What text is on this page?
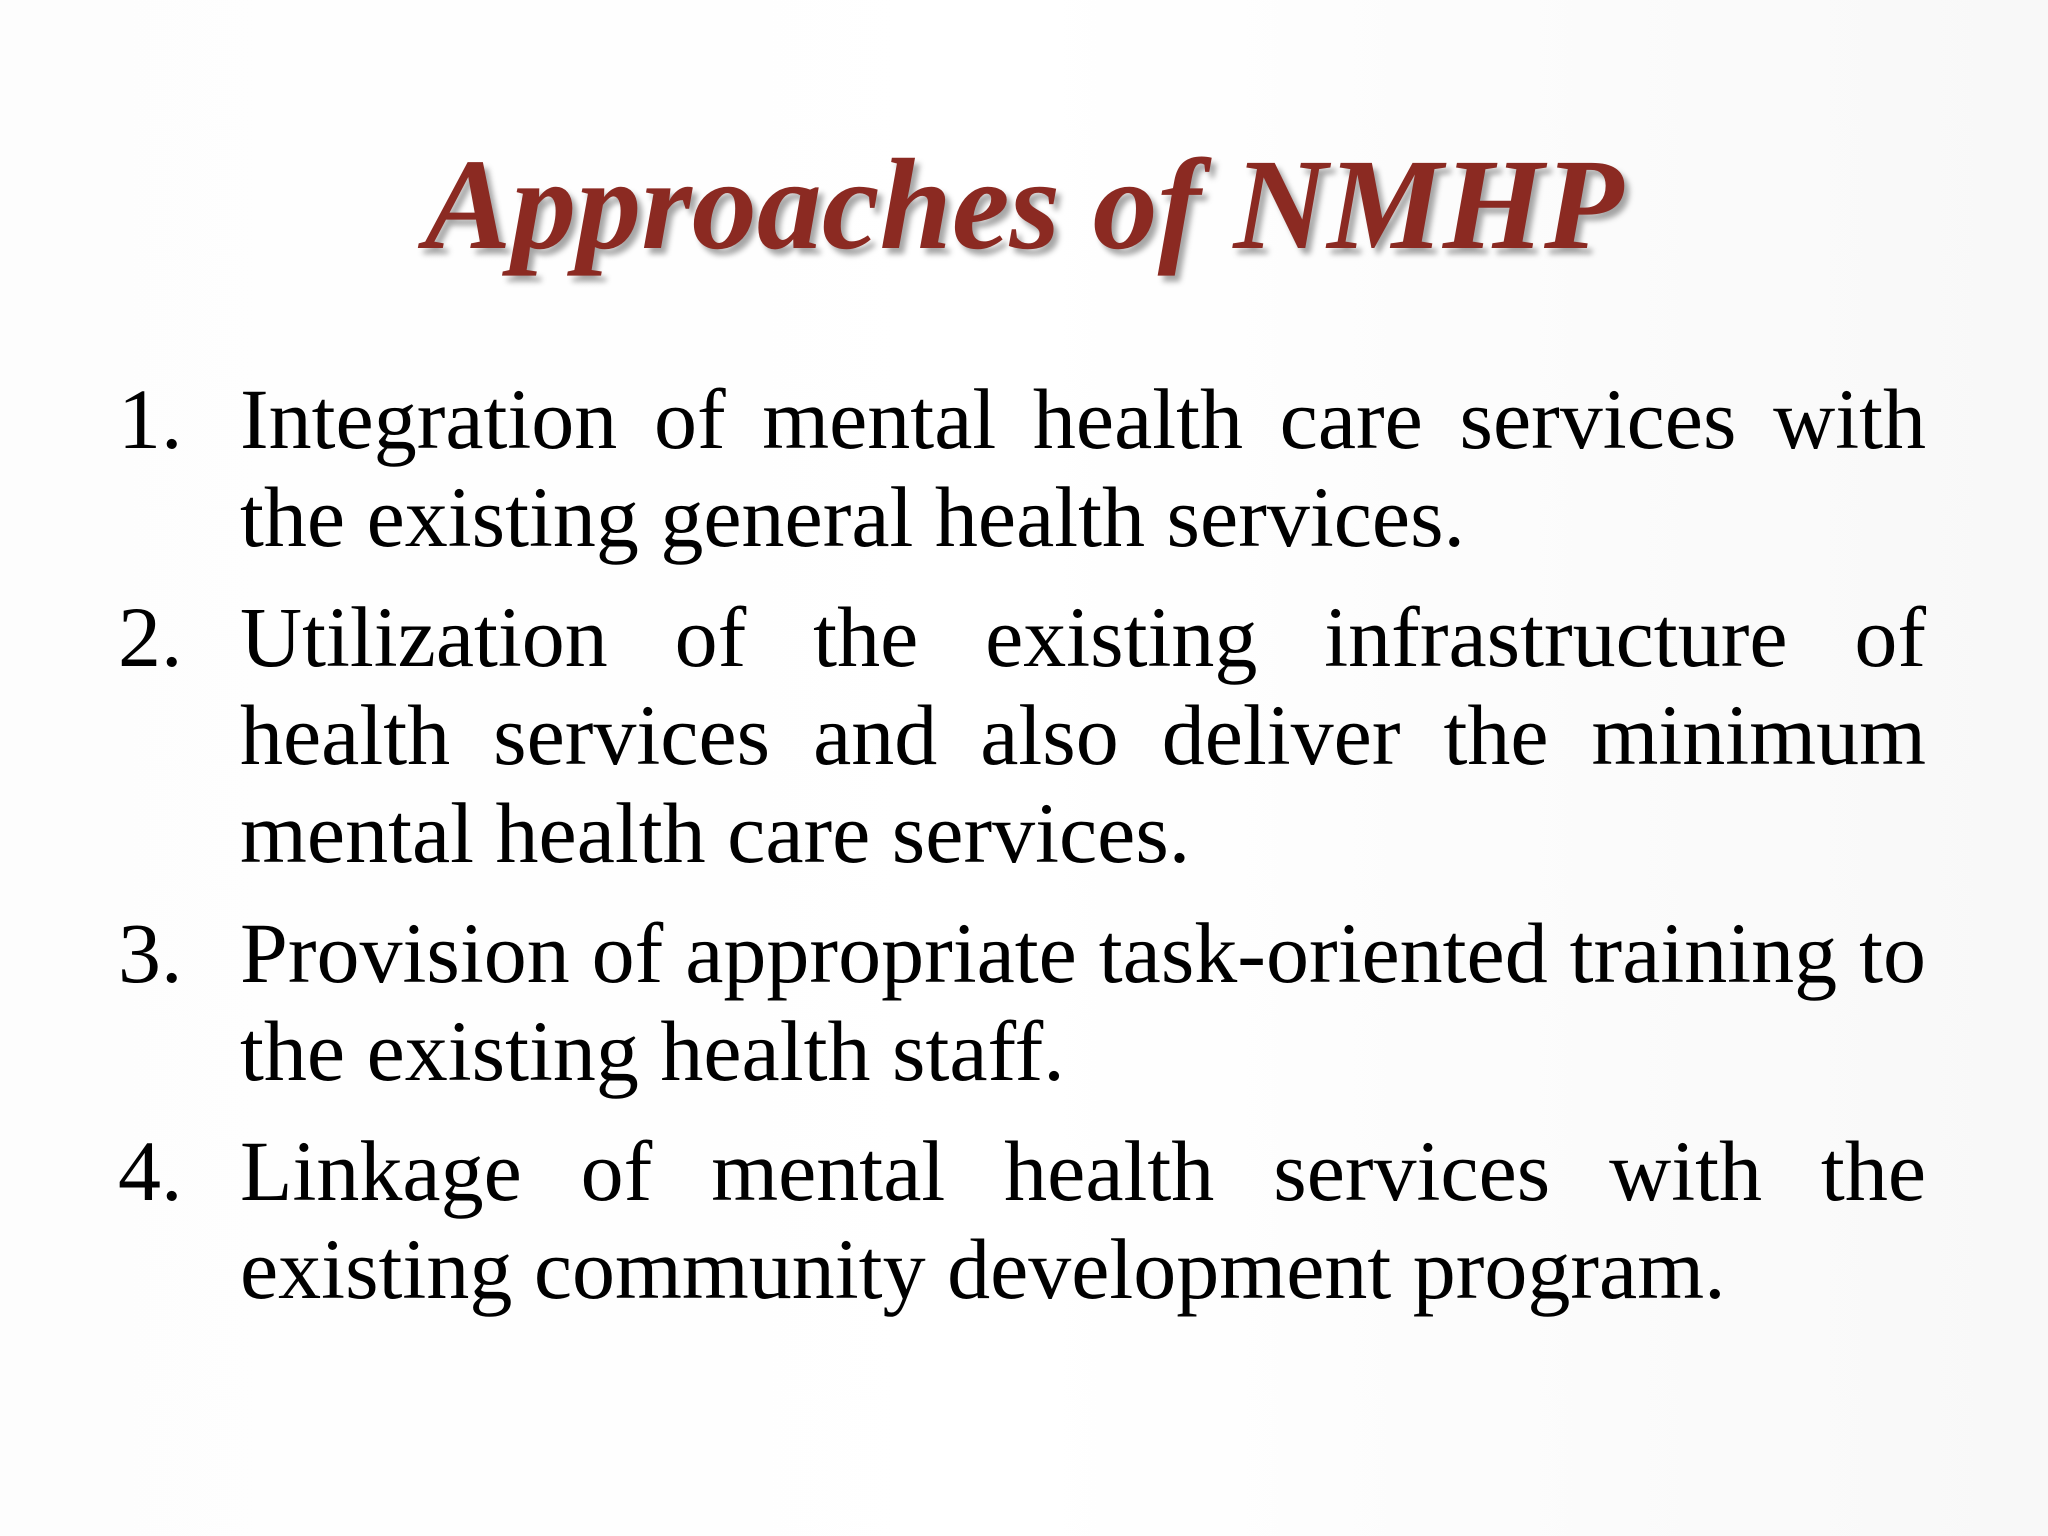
Approaches of NMHP
1. Integration of mental health care services with the existing general health services.
2. Utilization of the existing infrastructure of health services and also deliver the minimum mental health care services.
3. Provision of appropriate task-oriented training to the existing health staff.
4. Linkage of mental health services with the existing community development program.
